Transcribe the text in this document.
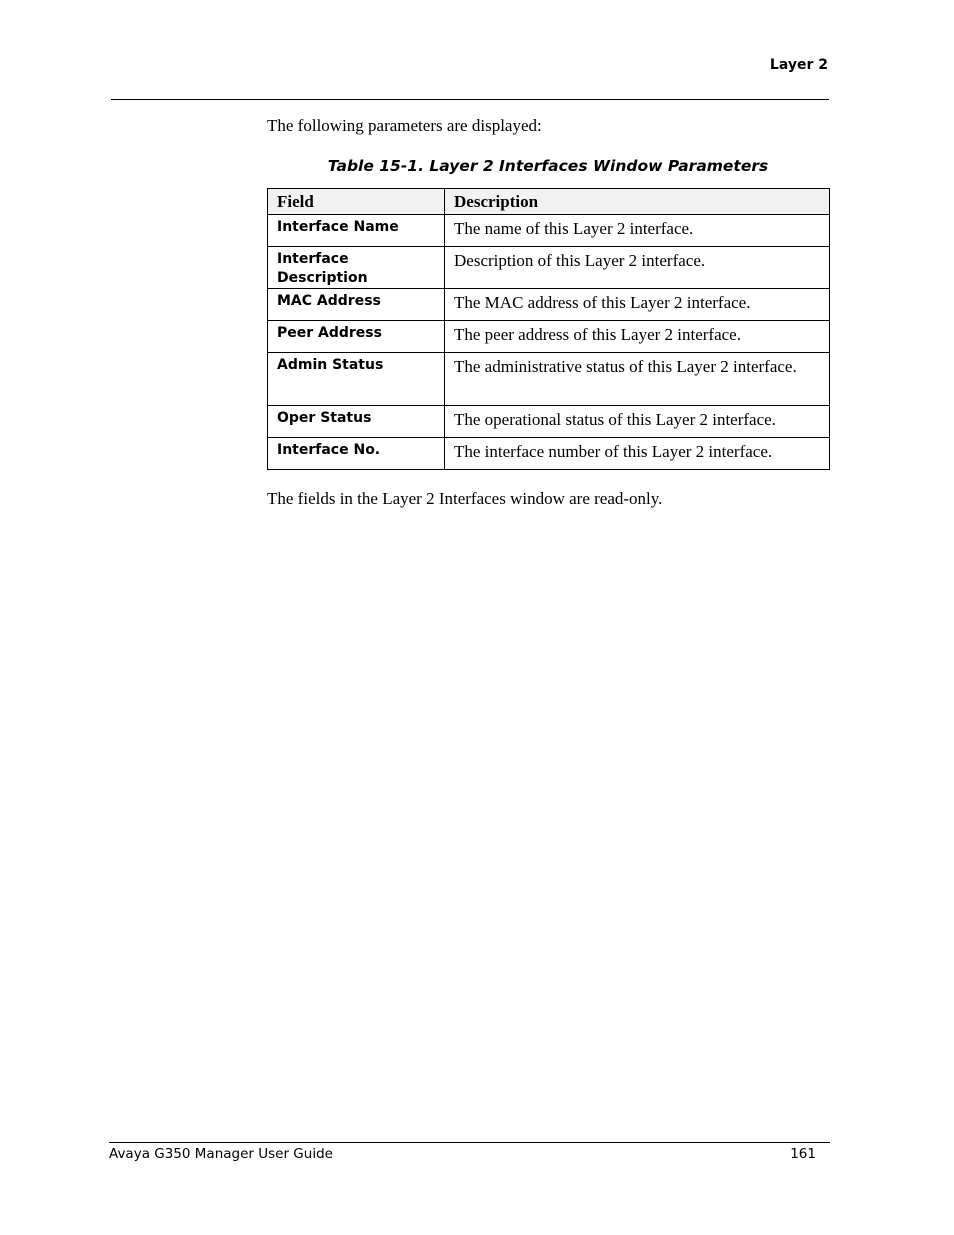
Layer 2
The following parameters are displayed:
Table 15-1. Layer 2 Interfaces Window Parameters
Field	Description
Interface Name	The name of this Layer 2 interface.
Interface Description	Description of this Layer 2 interface.
MAC Address	The MAC address of this Layer 2 interface.
Peer Address	The peer address of this Layer 2 interface.
Admin Status	The administrative status of this Layer 2 interface.
Oper Status	The operational status of this Layer 2 interface.
Interface No.	The interface number of this Layer 2 interface.
The fields in the Layer 2 Interfaces window are read-only.
Avaya G350 Manager User Guide	161
